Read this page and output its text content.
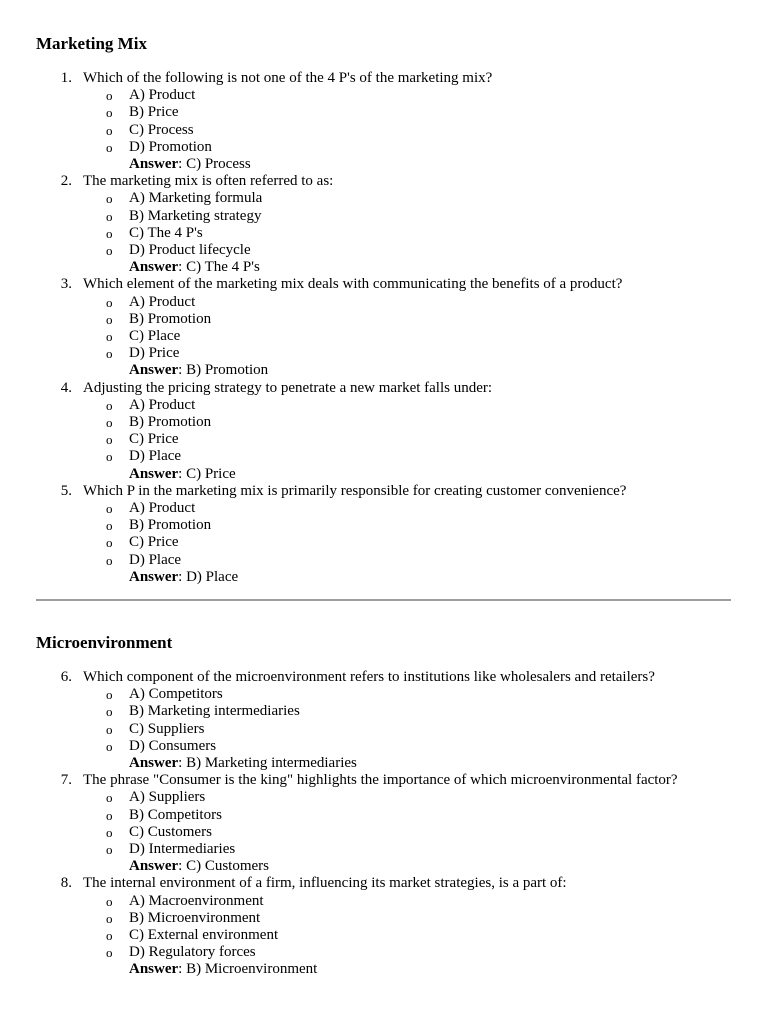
Marketing Mix
1. Which of the following is not one of the 4 P's of the marketing mix?
o A) Product
o B) Price
o C) Process
o D) Promotion
Answer: C) Process
2. The marketing mix is often referred to as:
o A) Marketing formula
o B) Marketing strategy
o C) The 4 P's
o D) Product lifecycle
Answer: C) The 4 P's
3. Which element of the marketing mix deals with communicating the benefits of a product?
o A) Product
o B) Promotion
o C) Place
o D) Price
Answer: B) Promotion
4. Adjusting the pricing strategy to penetrate a new market falls under:
o A) Product
o B) Promotion
o C) Price
o D) Place
Answer: C) Price
5. Which P in the marketing mix is primarily responsible for creating customer convenience?
o A) Product
o B) Promotion
o C) Price
o D) Place
Answer: D) Place
Microenvironment
6. Which component of the microenvironment refers to institutions like wholesalers and retailers?
o A) Competitors
o B) Marketing intermediaries
o C) Suppliers
o D) Consumers
Answer: B) Marketing intermediaries
7. The phrase "Consumer is the king" highlights the importance of which microenvironmental factor?
o A) Suppliers
o B) Competitors
o C) Customers
o D) Intermediaries
Answer: C) Customers
8. The internal environment of a firm, influencing its market strategies, is a part of:
o A) Macroenvironment
o B) Microenvironment
o C) External environment
o D) Regulatory forces
Answer: B) Microenvironment
